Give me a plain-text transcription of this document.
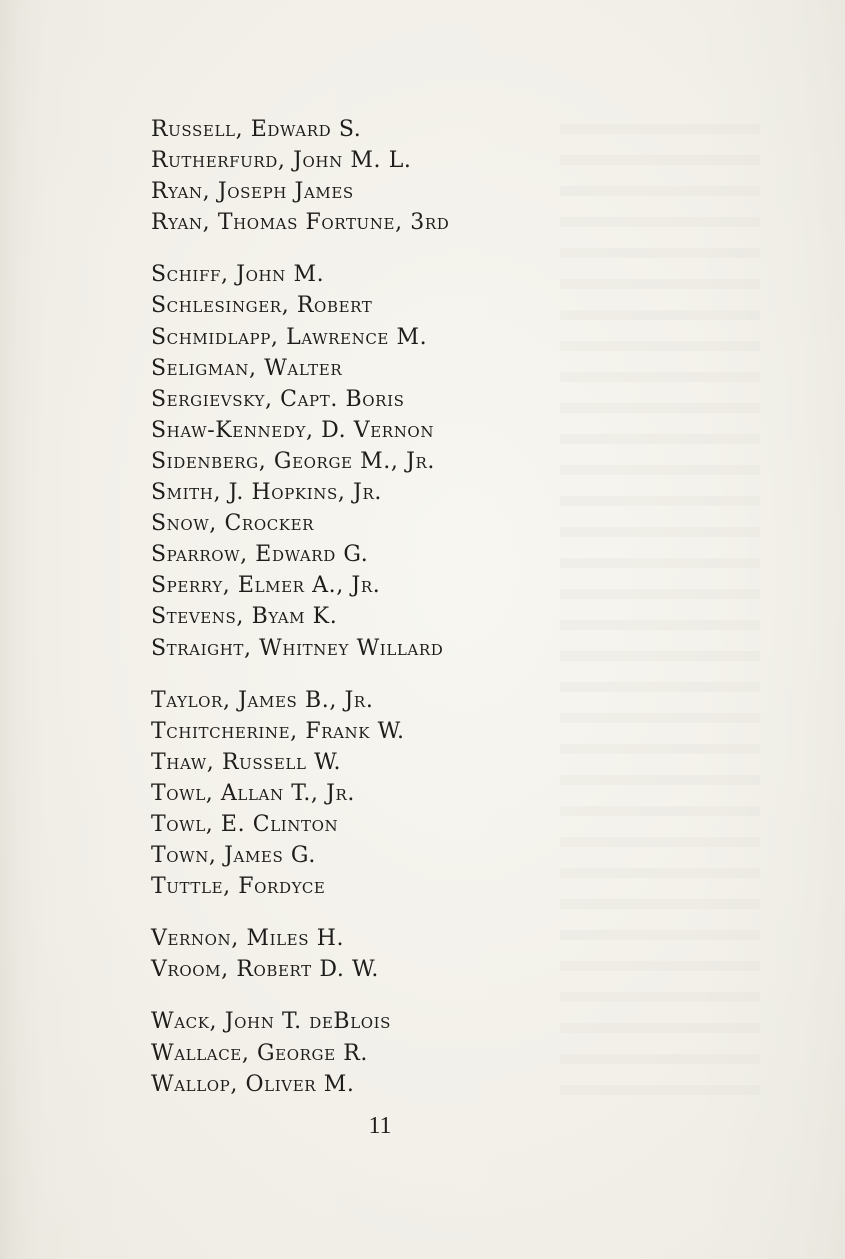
Russell, Edward S.
Rutherfurd, John M. L.
Ryan, Joseph James
Ryan, Thomas Fortune, 3rd
Schiff, John M.
Schlesinger, Robert
Schmidlapp, Lawrence M.
Seligman, Walter
Sergievsky, Capt. Boris
Shaw-Kennedy, D. Vernon
Sidenberg, George M., Jr.
Smith, J. Hopkins, Jr.
Snow, Crocker
Sparrow, Edward G.
Sperry, Elmer A., Jr.
Stevens, Byam K.
Straight, Whitney Willard
Taylor, James B., Jr.
Tchitcherine, Frank W.
Thaw, Russell W.
Towl, Allan T., Jr.
Towl, E. Clinton
Town, James G.
Tuttle, Fordyce
Vernon, Miles H.
Vroom, Robert D. W.
Wack, John T. deBlois
Wallace, George R.
Wallop, Oliver M.
11
